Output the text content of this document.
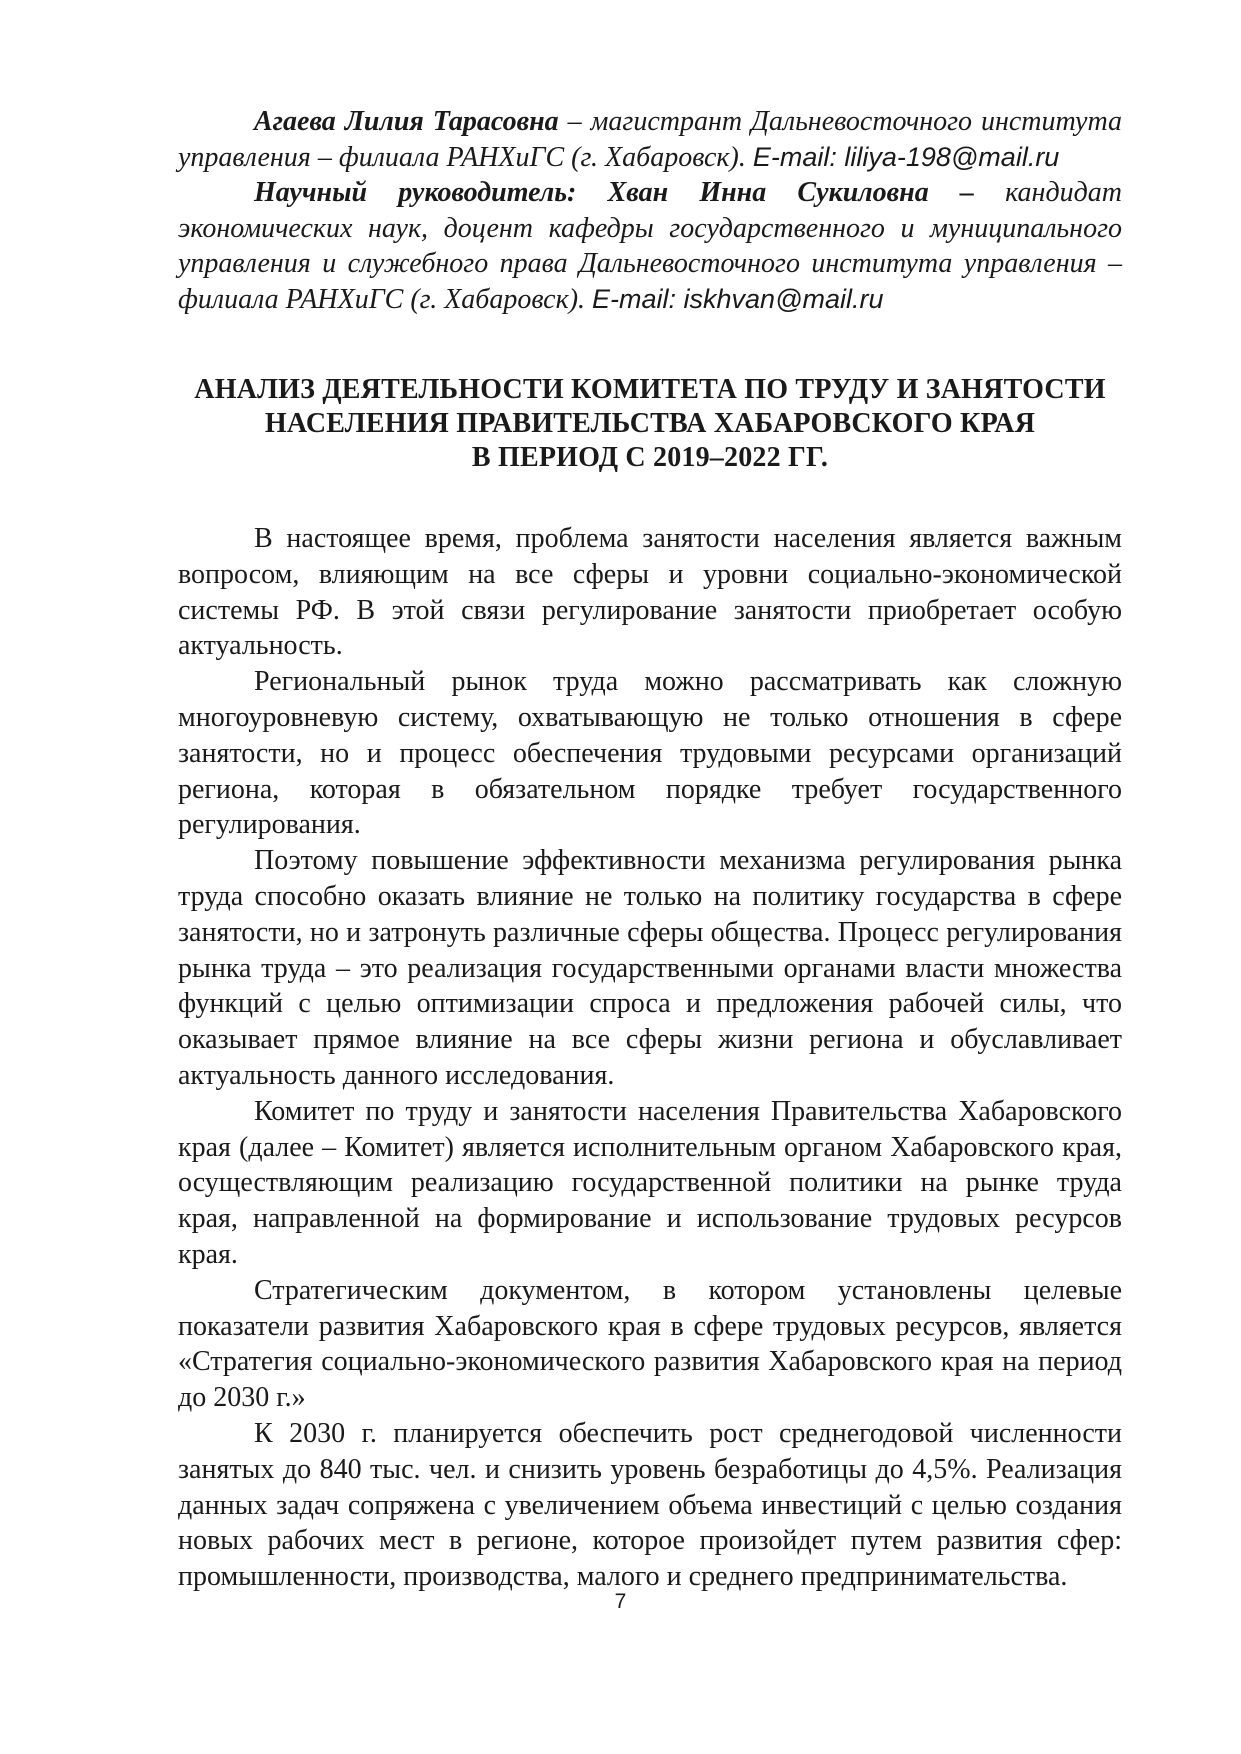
Агаева Лилия Тарасовна – магистрант Дальневосточного института управления – филиала РАНХиГС (г. Хабаровск). E-mail: liliya-198@mail.ru

Научный руководитель: Хван Инна Сукиловна – кандидат экономических наук, доцент кафедры государственного и муниципального управления и служебного права Дальневосточного института управления – филиала РАНХиГС (г. Хабаровск). E-mail: iskhvan@mail.ru

АНАЛИЗ ДЕЯТЕЛЬНОСТИ КОМИТЕТА ПО ТРУДУ И ЗАНЯТОСТИ
НАСЕЛЕНИЯ ПРАВИТЕЛЬСТВА ХАБАРОВСКОГО КРАЯ
В ПЕРИОД С 2019–2022 ГГ.

В настоящее время, проблема занятости населения является важным вопросом, влияющим на все сферы и уровни социально-экономической системы РФ. В этой связи регулирование занятости приобретает особую актуальность.

Региональный рынок труда можно рассматривать как сложную многоуровневую систему, охватывающую не только отношения в сфере занятости, но и процесс обеспечения трудовыми ресурсами организаций региона, которая в обязательном порядке требует государственного регулирования.

Поэтому повышение эффективности механизма регулирования рынка труда способно оказать влияние не только на политику государства в сфере занятости, но и затронуть различные сферы общества. Процесс регулирования рынка труда – это реализация государственными органами власти множества функций с целью оптимизации спроса и предложения рабочей силы, что оказывает прямое влияние на все сферы жизни региона и обуславливает актуальность данного исследования.

Комитет по труду и занятости населения Правительства Хабаровского края (далее – Комитет) является исполнительным органом Хабаровского края, осуществляющим реализацию государственной политики на рынке труда края, направленной на формирование и использование трудовых ресурсов края.

Стратегическим документом, в котором установлены целевые показатели развития Хабаровского края в сфере трудовых ресурсов, является «Стратегия социально-экономического развития Хабаровского края на период до 2030 г.»

К 2030 г. планируется обеспечить рост среднегодовой численности занятых до 840 тыс. чел. и снизить уровень безработицы до 4,5%. Реализация данных задач сопряжена с увеличением объема инвестиций с целью создания новых рабочих мест в регионе, которое произойдет путем развития сфер: промышленности, производства, малого и среднего предпринимательства.

7
